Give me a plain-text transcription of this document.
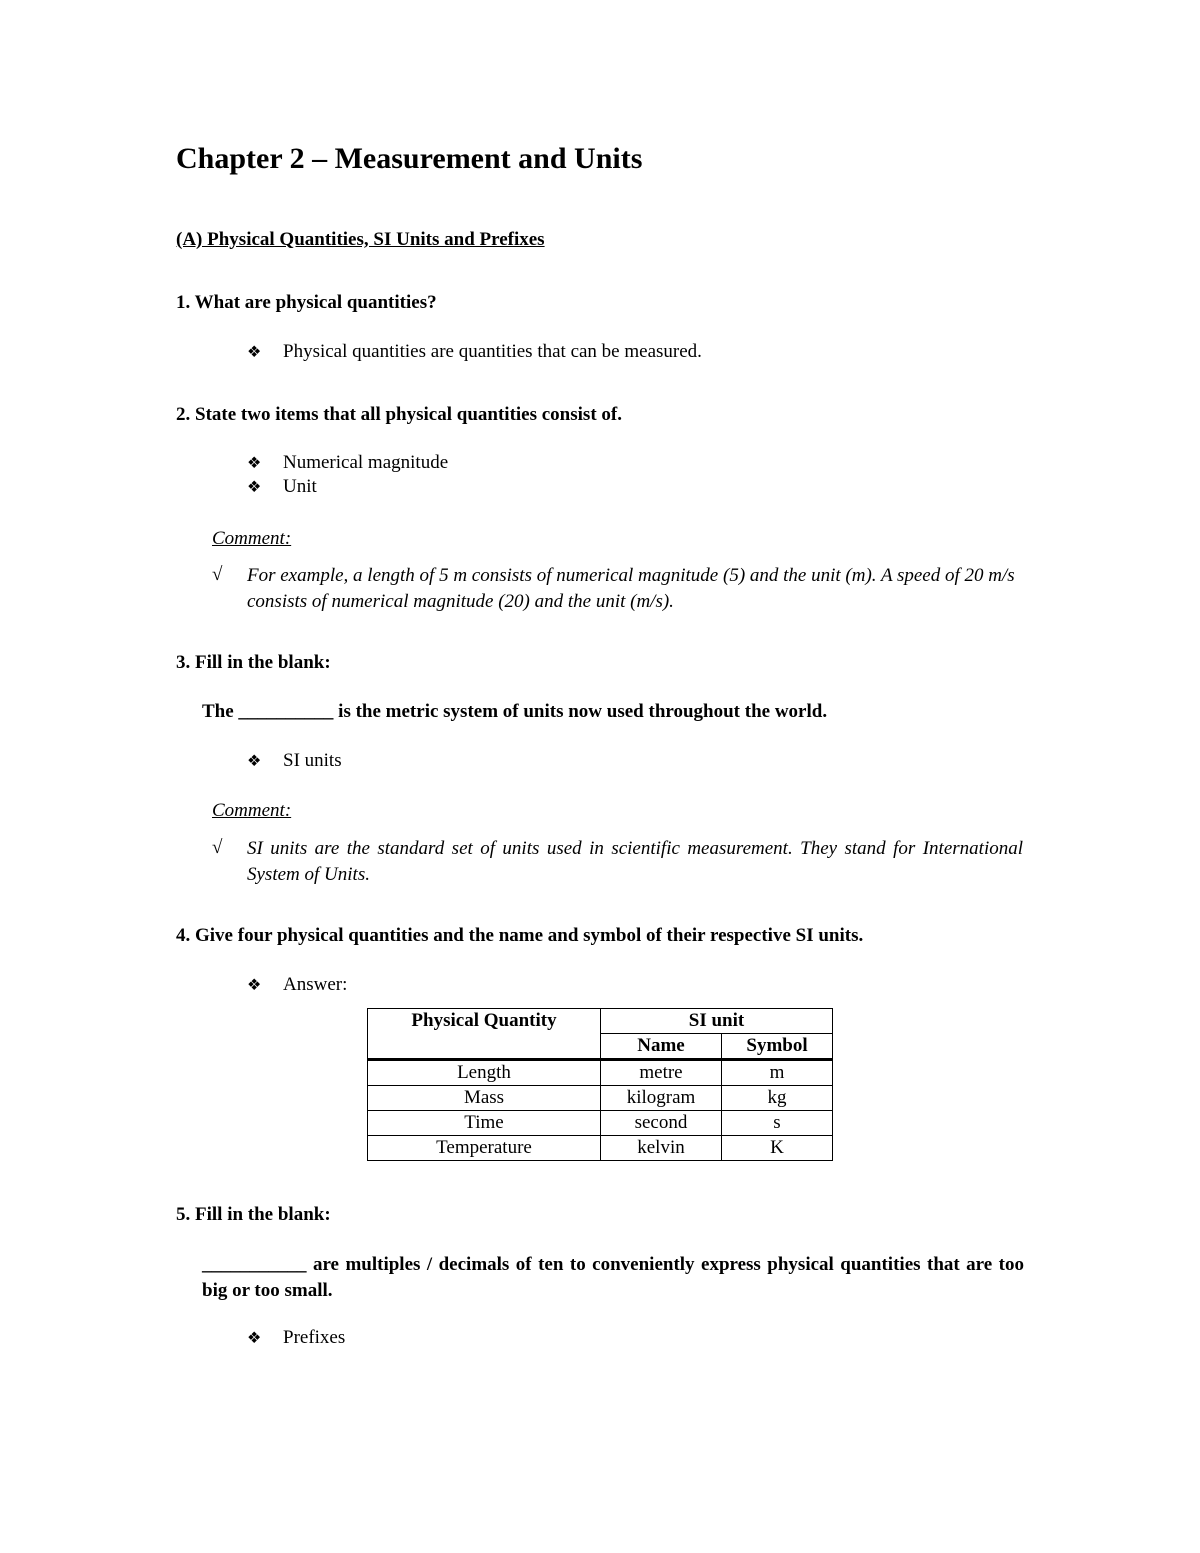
Chapter 2 – Measurement and Units
(A) Physical Quantities, SI Units and Prefixes
1. What are physical quantities?
❖ Physical quantities are quantities that can be measured.
2. State two items that all physical quantities consist of.
❖ Numerical magnitude
❖ Unit
Comment:
√ For example, a length of 5 m consists of numerical magnitude (5) and the unit (m). A speed of 20 m/s consists of numerical magnitude (20) and the unit (m/s).
3. Fill in the blank:
The __________ is the metric system of units now used throughout the world.
❖ SI units
Comment:
√ SI units are the standard set of units used in scientific measurement. They stand for International System of Units.
4. Give four physical quantities and the name and symbol of their respective SI units.
❖ Answer:
Physical Quantity	SI unit	
	Name	Symbol
Length	metre	m
Mass	kilogram	kg
Time	second	s
Temperature	kelvin	K
5. Fill in the blank:
___________ are multiples / decimals of ten to conveniently express physical quantities that are too big or too small.
❖ Prefixes
